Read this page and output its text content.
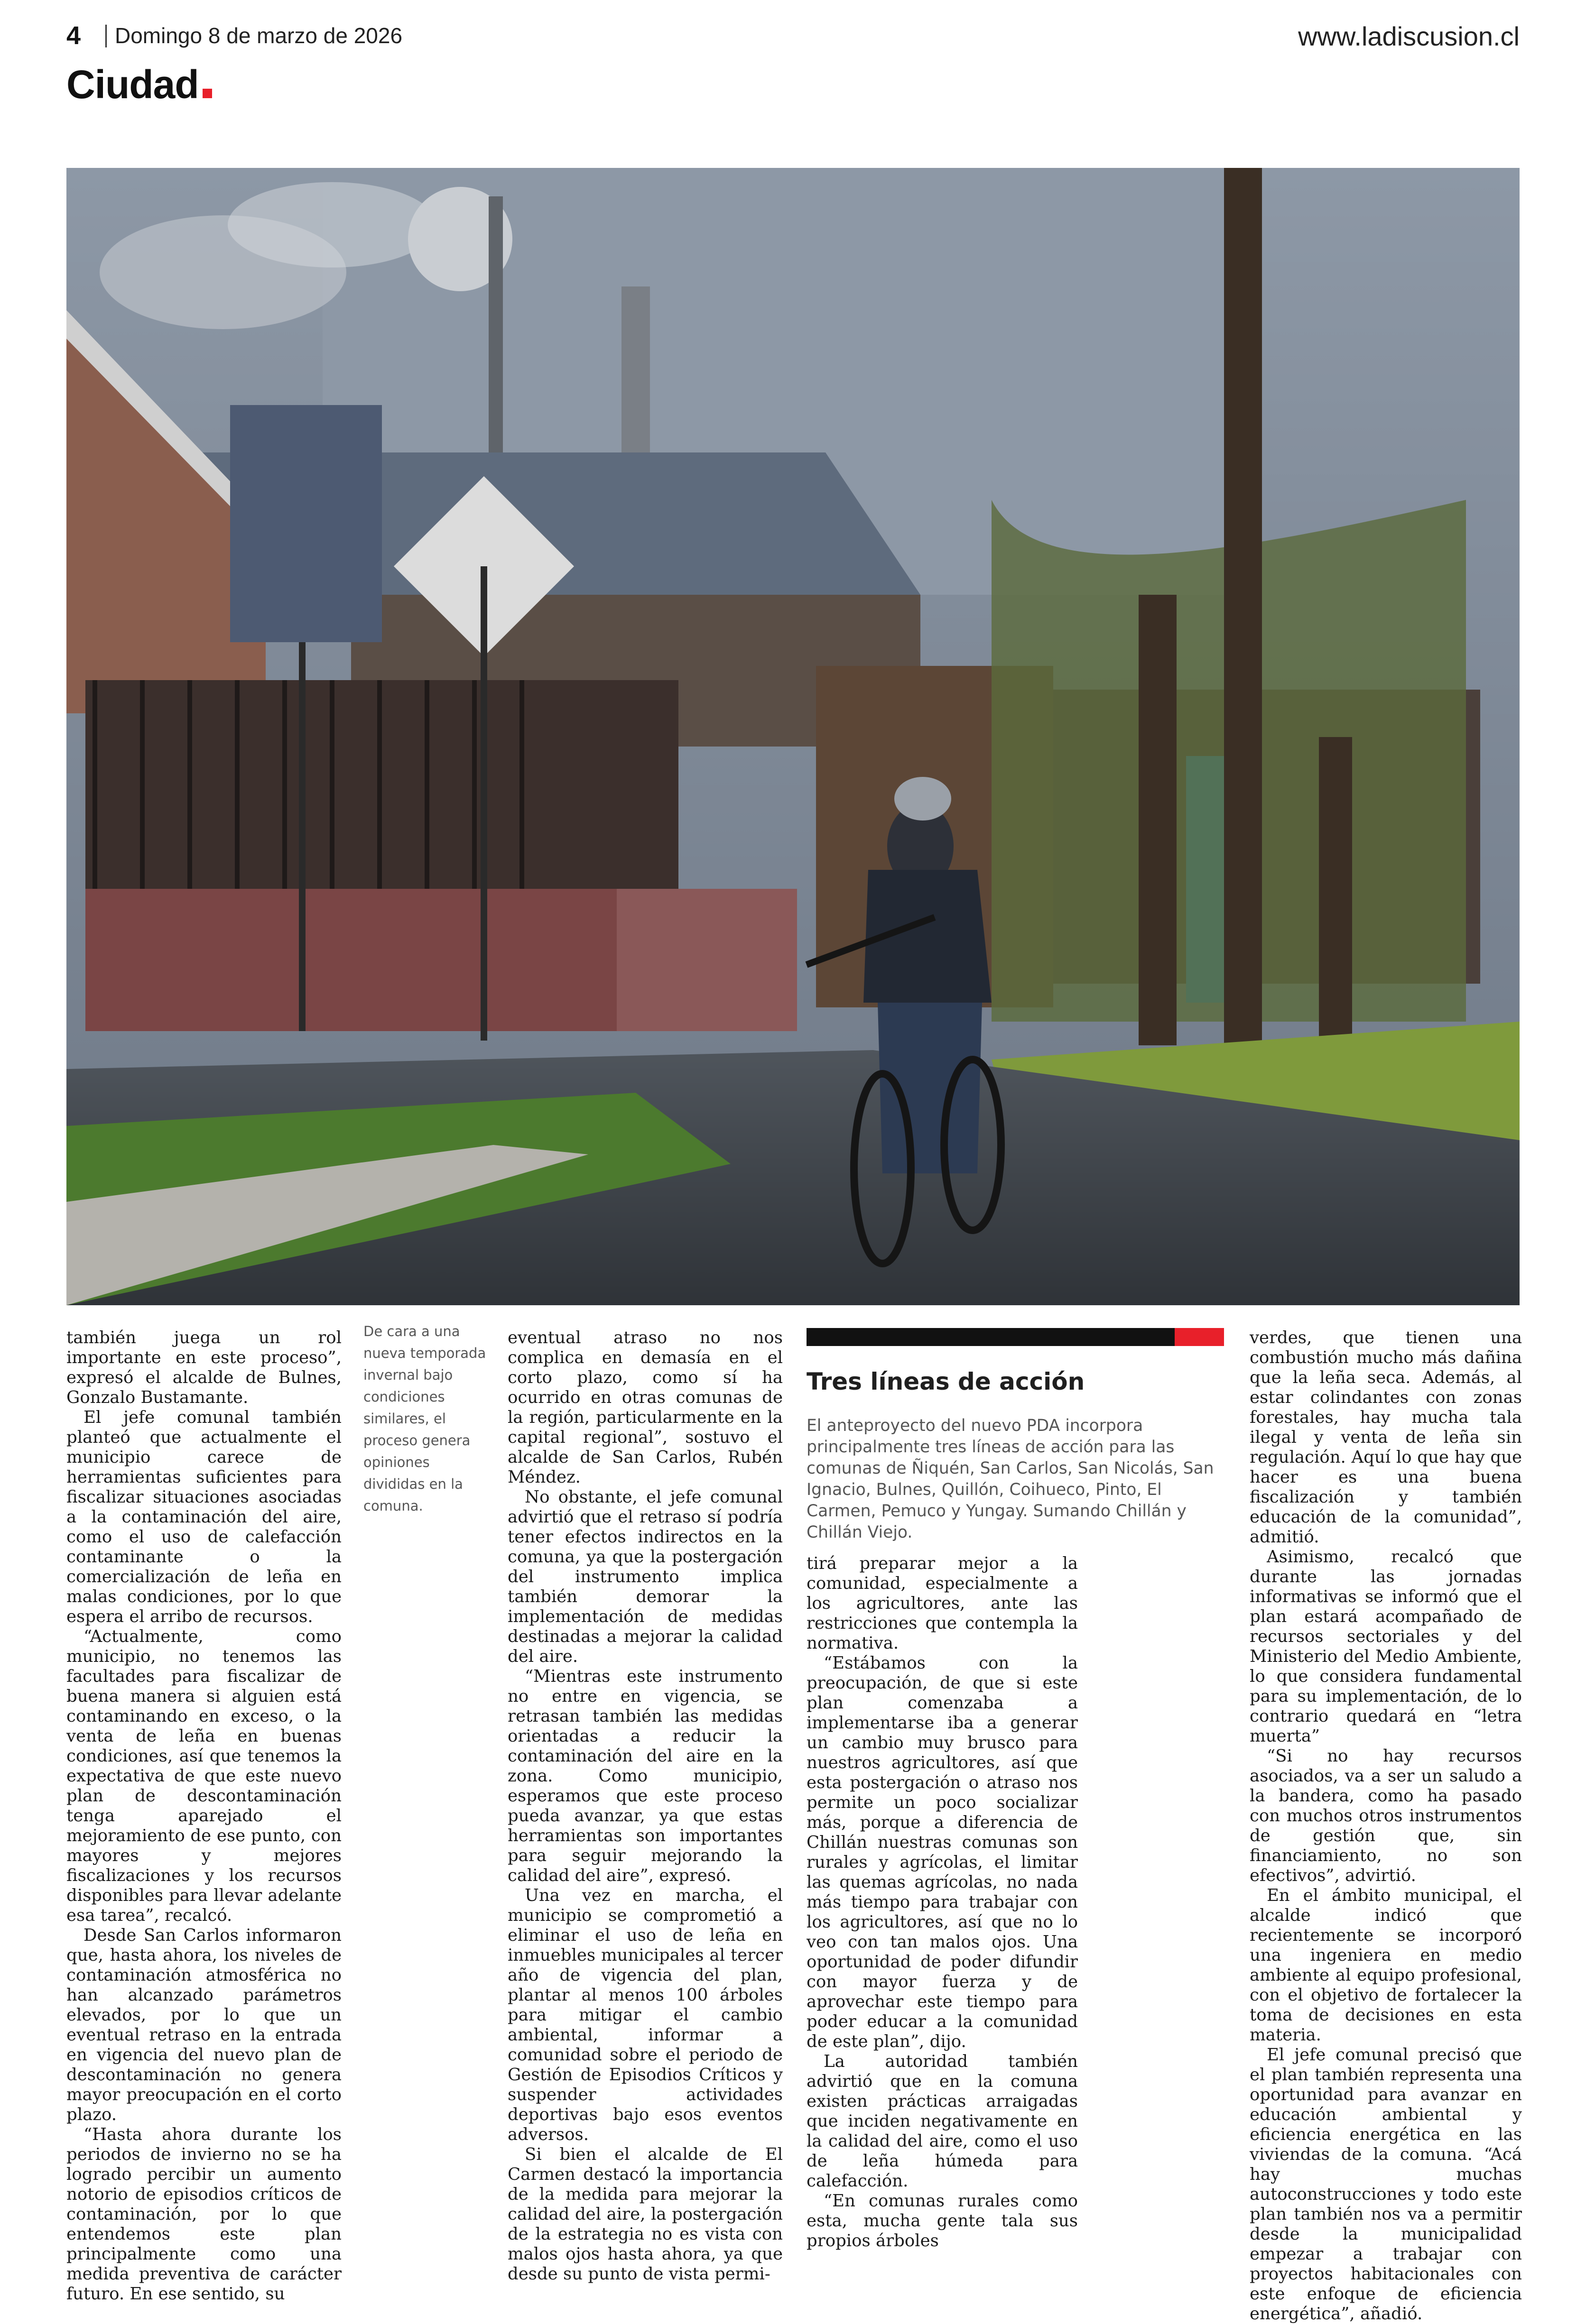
4 Domingo 8 de marzo de 2026	www.ladiscusion.cl
Ciudad
De cara a una nueva temporada invernal bajo condiciones similares, el proceso genera opiniones divididas en la comuna.

también juega un rol importante en este proceso”, expresó el alcalde de Bulnes, Gonzalo Bustamante.

El jefe comunal también planteó que actualmente el municipio carece de herramientas suficientes para fiscalizar situaciones asociadas a la contaminación del aire, como el uso de calefacción contaminante o la comercialización de leña en malas condiciones, por lo que espera el arribo de recursos.

“Actualmente, como municipio, no tenemos las facultades para fiscalizar de buena manera si alguien está contaminando en exceso, o la venta de leña en buenas condiciones, así que tenemos la expectativa de que este nuevo plan de descontaminación tenga aparejado el mejoramiento de ese punto, con mayores y mejores fiscalizaciones y los recursos disponibles para llevar adelante esa tarea”, recalcó.

Desde San Carlos informaron que, hasta ahora, los niveles de contaminación atmosférica no han alcanzado parámetros elevados, por lo que un eventual retraso en la entrada en vigencia del nuevo plan de descontaminación no genera mayor preocupación en el corto plazo.

“Hasta ahora durante los periodos de invierno no se ha logrado percibir un aumento notorio de episodios críticos de contaminación, por lo que entendemos este plan principalmente como una medida preventiva de carácter futuro. En ese sentido, su

eventual atraso no nos complica en demasía en el corto plazo, como sí ha ocurrido en otras comunas de la región, particularmente en la capital regional”, sostuvo el alcalde de San Carlos, Rubén Méndez.

No obstante, el jefe comunal advirtió que el retraso sí podría tener efectos indirectos en la comuna, ya que la postergación del instrumento implica también demorar la implementación de medidas destinadas a mejorar la calidad del aire.

“Mientras este instrumento no entre en vigencia, se retrasan también las medidas orientadas a reducir la contaminación del aire en la zona. Como municipio, esperamos que este proceso pueda avanzar, ya que estas herramientas son importantes para seguir mejorando la calidad del aire”, expresó.

Una vez en marcha, el municipio se comprometió a eliminar el uso de leña en inmuebles municipales al tercer año de vigencia del plan, plantar al menos 100 árboles para mitigar el cambio ambiental, informar a comunidad sobre el periodo de Gestión de Episodios Críticos y suspender actividades deportivas bajo esos eventos adversos.

Si bien el alcalde de El Carmen destacó la importancia de la medida para mejorar la calidad del aire, la postergación de la estrategia no es vista con malos ojos hasta ahora, ya que desde su punto de vista permi-

Tres líneas de acción
El anteproyecto del nuevo PDA incorpora principalmente tres líneas de acción para las comunas de Ñiquén, San Carlos, San Nicolás, San Ignacio, Bulnes, Quillón, Coihueco, Pinto, El Carmen, Pemuco y Yungay. Sumando Chillán y Chillán Viejo.

tirá preparar mejor a la comunidad, especialmente a los agricultores, ante las restricciones que contempla la normativa.

“Estábamos con la preocupación, de que si este plan comenzaba a implementarse iba a generar un cambio muy brusco para nuestros agricultores, así que esta postergación o atraso nos permite un poco socializar más, porque a diferencia de Chillán nuestras comunas son rurales y agrícolas, el limitar las quemas agrícolas, no nada más tiempo para trabajar con los agricultores, así que no lo veo con tan malos ojos. Una oportunidad de poder difundir con mayor fuerza y de aprovechar este tiempo para poder educar a la comunidad de este plan”, dijo.

La autoridad también advirtió que en la comuna existen prácticas arraigadas que inciden negativamente en la calidad del aire, como el uso de leña húmeda para calefacción.

“En comunas rurales como esta, mucha gente tala sus propios árboles

verdes, que tienen una combustión mucho más dañina que la leña seca. Además, al estar colindantes con zonas forestales, hay mucha tala ilegal y venta de leña sin regulación. Aquí lo que hay que hacer es una buena fiscalización y también educación de la comunidad”, admitió.

Asimismo, recalcó que durante las jornadas informativas se informó que el plan estará acompañado de recursos sectoriales y del Ministerio del Medio Ambiente, lo que considera fundamental para su implementación, de lo contrario quedará en “letra muerta”

“Si no hay recursos asociados, va a ser un saludo a la bandera, como ha pasado con muchos otros instrumentos de gestión que, sin financiamiento, no son efectivos”, advirtió.

En el ámbito municipal, el alcalde indicó que recientemente se incorporó una ingeniera en medio ambiente al equipo profesional, con el objetivo de fortalecer la toma de decisiones en esta materia.

El jefe comunal precisó que el plan también representa una oportunidad para avanzar en educación ambiental y eficiencia energética en las viviendas de la comuna. “Acá hay muchas autoconstrucciones y todo este plan también nos va a permitir desde la municipalidad empezar a trabajar con proyectos habitacionales con este enfoque de eficiencia energética”, añadió.
